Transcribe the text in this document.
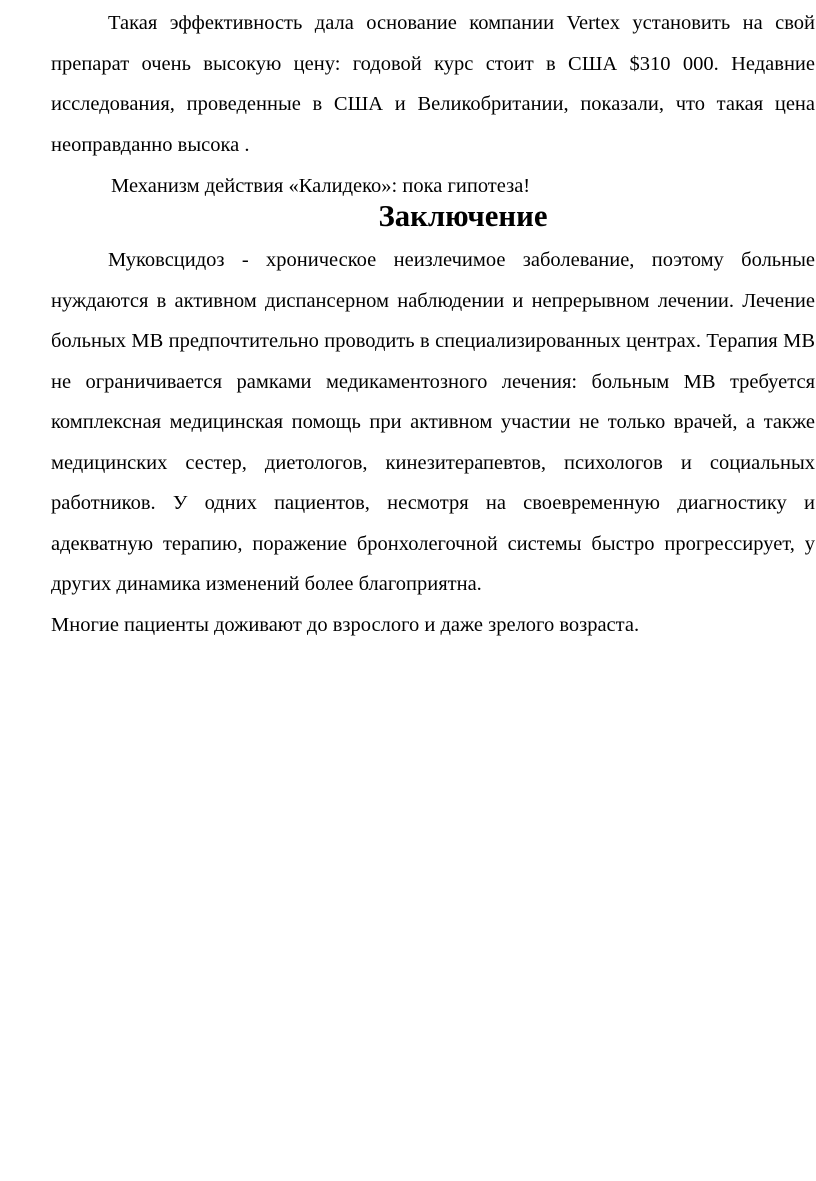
Такая эффективность дала основание компании Vertex установить на свой препарат очень высокую цену: годовой курс стоит в США $310 000. Недавние исследования, проведенные в США и Великобритании, показали, что такая цена неоправданно высока .

Механизм действия «Калидеко»: пока гипотеза!

Заключение

Муковсцидоз - хроническое неизлечимое заболевание, поэтому больные нуждаются в активном диспансерном наблюдении и непрерывном лечении. Лечение больных МВ предпочтительно проводить в специализированных центрах. Терапия МВ не ограничивается рамками медикаментозного лечения: больным МВ требуется комплексная медицинская помощь при активном участии не только врачей, а также медицинских сестер, диетологов, кинезитерапевтов, психологов и социальных работников. У одних пациентов, несмотря на своевременную диагностику и адекватную терапию, поражение бронхолегочной системы быстро прогрессирует, у других динамика изменений более благоприятна.

Многие пациенты доживают до взрослого и даже зрелого возраста.
